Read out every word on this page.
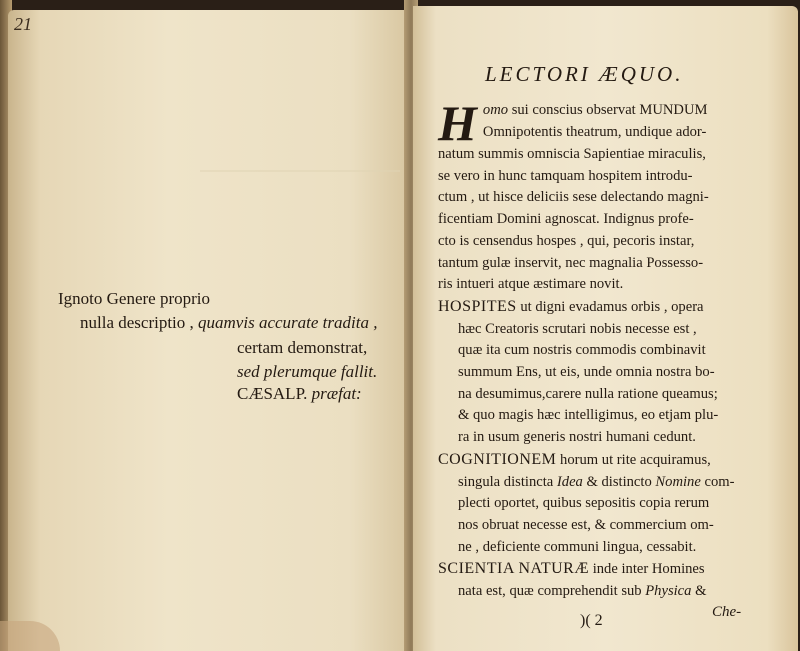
21
Ignoto Genere proprio
nulla descriptio , quamvis accurate tradita ,
certam demonstrat,
sed plerumque fallit.
CÆSALP. præfat:
LECTORI ÆQUO.

H omo sui conscius observat MUNDUM
Omnipotentis theatrum, undique ador-
natum summis omniscia Sapientiae miraculis,
se vero in hunc tamquam hospitem introdu-
ctum , ut hisce deliciis sese delectando magni-
ficentiam Domini agnoscat. Indignus profe-
cto is censendus hospes , qui, pecoris instar,
tantum gulæ inservit, nec magnalia Possesso-
ris intueri atque æstimare novit.

HOSPITES ut digni evadamus orbis , opera
hæc Creatoris scrutari nobis necesse est ,
quæ ita cum nostris commodis combinavit
summum Ens, ut eis, unde omnia nostra bo-
na desumimus,carere nulla ratione queamus;
& quo magis hæc intelligimus, eo etjam plu-
ra in usum generis nostri humani cedunt.

COGNITIONEM horum ut rite acquiramus,
singula distincta Idea & distincto Nomine com-
plecti oportet, quibus sepositis copia rerum
nos obruat necesse est, & commercium om-
ne , deficiente communi lingua, cessabit.

SCIENTIA NATURÆ inde inter Homines
nata est, quæ comprehendit sub Physica &

)( 2	Che-
